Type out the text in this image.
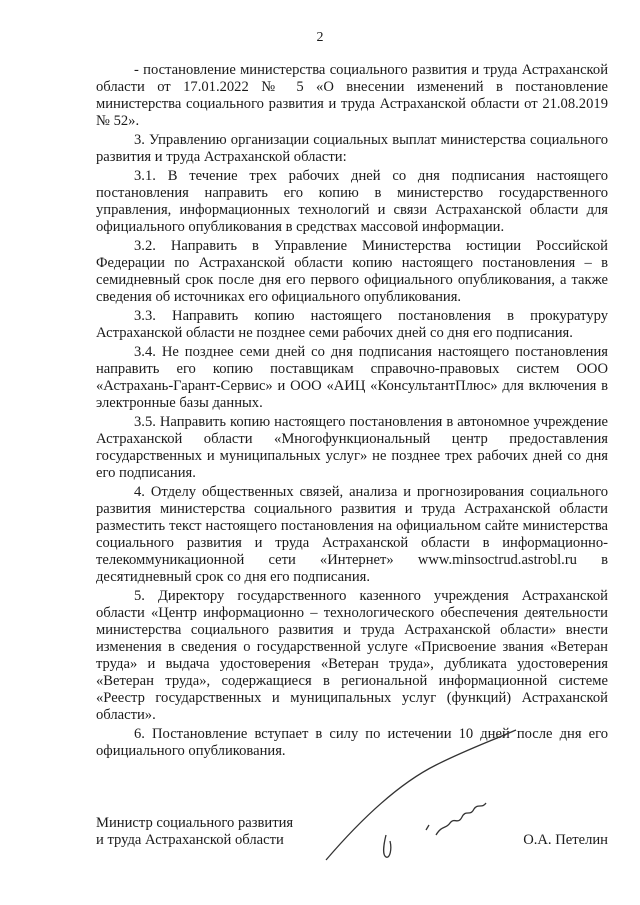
2

- постановление министерства социального развития и труда Астраханской области от 17.01.2022 № 5 «О внесении изменений в постановление министерства социального развития и труда Астраханской области от 21.08.2019 № 52».

3. Управлению организации социальных выплат министерства социального развития и труда Астраханской области:

3.1. В течение трех рабочих дней со дня подписания настоящего постановления направить его копию в министерство государственного управления, информационных технологий и связи Астраханской области для официального опубликования в средствах массовой информации.

3.2. Направить в Управление Министерства юстиции Российской Федерации по Астраханской области копию настоящего постановления – в семидневный срок после дня его первого официального опубликования, а также сведения об источниках его официального опубликования.

3.3. Направить копию настоящего постановления в прокуратуру Астраханской области не позднее семи рабочих дней со дня его подписания.

3.4. Не позднее семи дней со дня подписания настоящего постановления направить его копию поставщикам справочно-правовых систем ООО «Астрахань-Гарант-Сервис» и ООО «АИЦ «КонсультантПлюс» для включения в электронные базы данных.

3.5. Направить копию настоящего постановления в автономное учреждение Астраханской области «Многофункциональный центр предоставления государственных и муниципальных услуг» не позднее трех рабочих дней со дня его подписания.

4. Отделу общественных связей, анализа и прогнозирования социального развития министерства социального развития и труда Астраханской области разместить текст настоящего постановления на официальном сайте министерства социального развития и труда Астраханской области в информационно-телекоммуникационной сети «Интернет» www.minsoctrud.astrobl.ru в десятидневный срок со дня его подписания.

5. Директору государственного казенного учреждения Астраханской области «Центр информационно – технологического обеспечения деятельности министерства социального развития и труда Астраханской области» внести изменения в сведения о государственной услуге «Присвоение звания «Ветеран труда» и выдача удостоверения «Ветеран труда», дубликата удостоверения «Ветеран труда», содержащиеся в региональной информационной системе «Реестр государственных и муниципальных услуг (функций) Астраханской области».

6. Постановление вступает в силу по истечении 10 дней после дня его официального опубликования.

Министр социального развития
и труда Астраханской области	О.А. Петелин
